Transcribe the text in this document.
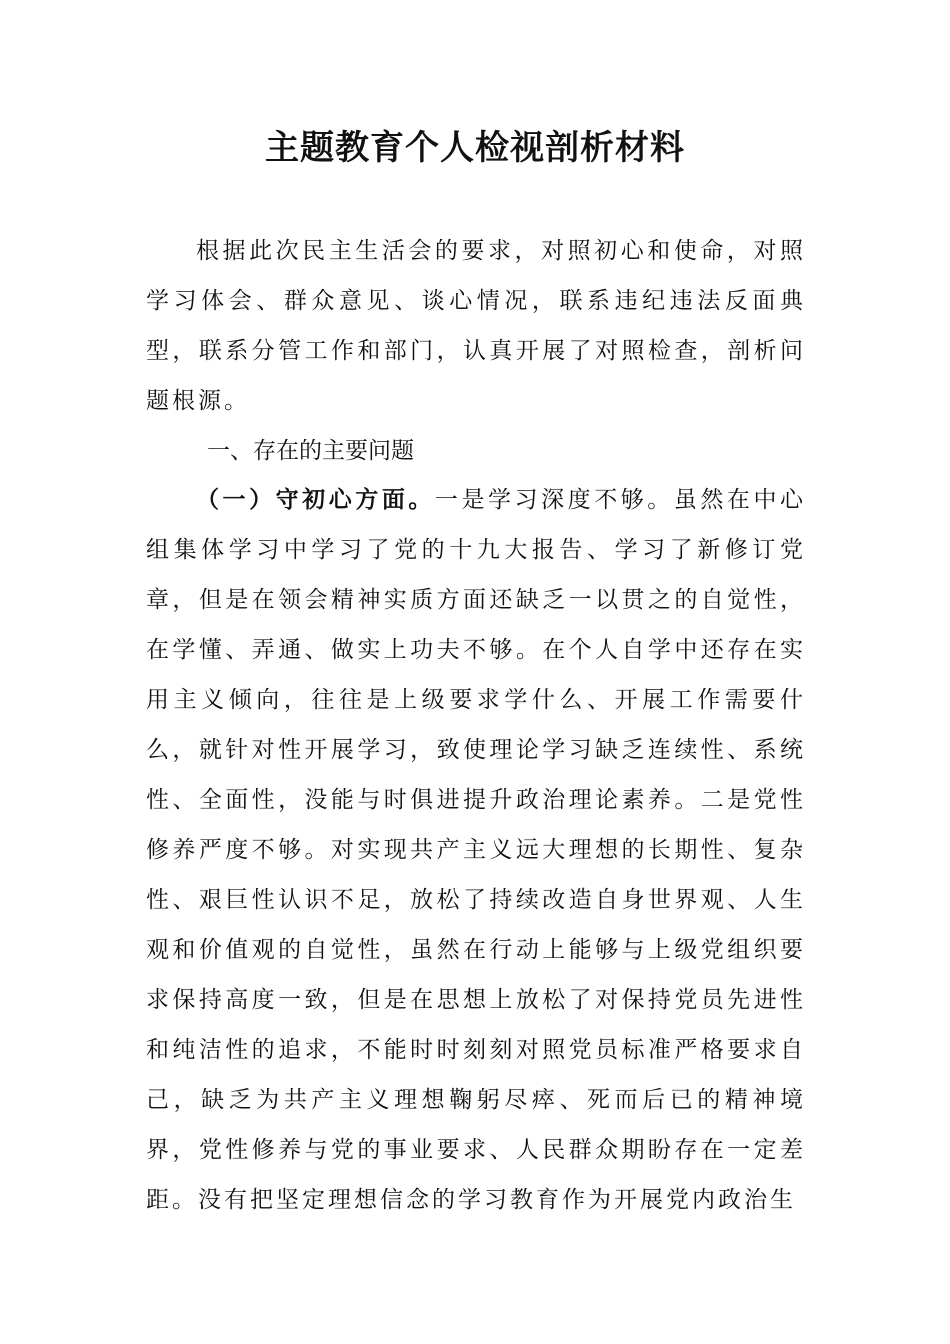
主题教育个人检视剖析材料

根据此次民主生活会的要求，对照初心和使命，对照学习体会、群众意见、谈心情况，联系违纪违法反面典型，联系分管工作和部门，认真开展了对照检查，剖析问题根源。

一、存在的主要问题

（一）守初心方面。一是学习深度不够。虽然在中心组集体学习中学习了党的十九大报告、学习了新修订党章，但是在领会精神实质方面还缺乏一以贯之的自觉性，在学懂、弄通、做实上功夫不够。在个人自学中还存在实用主义倾向，往往是上级要求学什么、开展工作需要什么，就针对性开展学习，致使理论学习缺乏连续性、系统性、全面性，没能与时俱进提升政治理论素养。二是党性修养严度不够。对实现共产主义远大理想的长期性、复杂性、艰巨性认识不足，放松了持续改造自身世界观、人生观和价值观的自觉性，虽然在行动上能够与上级党组织要求保持高度一致，但是在思想上放松了对保持党员先进性和纯洁性的追求，不能时时刻刻对照党员标准严格要求自己，缺乏为共产主义理想鞠躬尽瘁、死而后已的精神境界，党性修养与党的事业要求、人民群众期盼存在一定差距。没有把坚定理想信念的学习教育作为开展党内政治生
